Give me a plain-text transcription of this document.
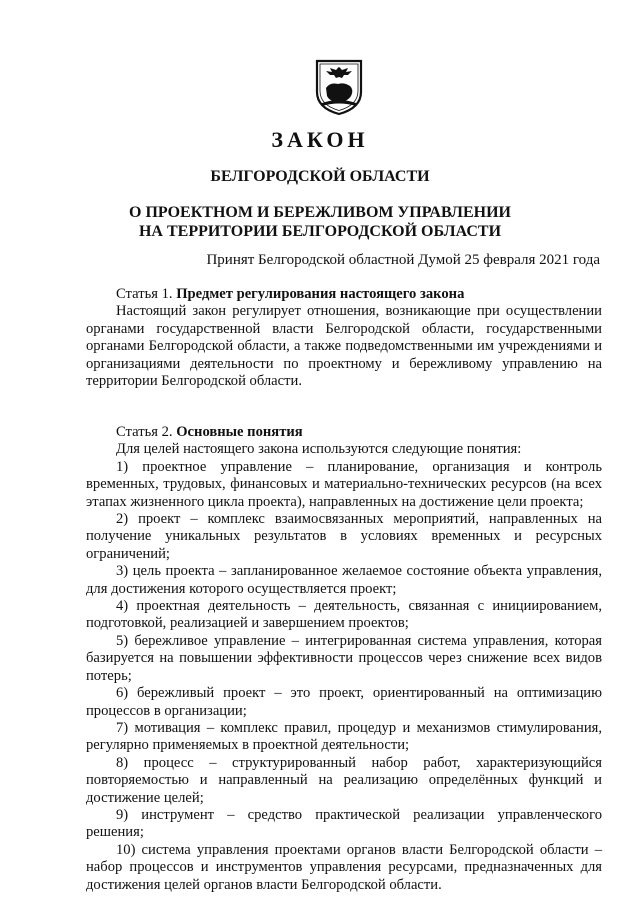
ЗАКОН
БЕЛГОРОДСКОЙ ОБЛАСТИ
О ПРОЕКТНОМ И БЕРЕЖЛИВОМ УПРАВЛЕНИИ
НА ТЕРРИТОРИИ БЕЛГОРОДСКОЙ ОБЛАСТИ
Принят Белгородской областной Думой 25 февраля 2021 года
Статья 1. Предмет регулирования настоящего закона

Настоящий закон регулирует отношения, возникающие при осуществлении органами государственной власти Белгородской области, государственными органами Белгородской области, а также подведомственными им учреждениями и организациями деятельности по проектному и бережливому управлению на территории Белгородской области.

Статья 2. Основные понятия

Для целей настоящего закона используются следующие понятия:

1) проектное управление – планирование, организация и контроль временных, трудовых, финансовых и материально-технических ресурсов (на всех этапах жизненного цикла проекта), направленных на достижение цели проекта;

2) проект – комплекс взаимосвязанных мероприятий, направленных на получение уникальных результатов в условиях временных и ресурсных ограничений;

3) цель проекта – запланированное желаемое состояние объекта управления, для достижения которого осуществляется проект;

4) проектная деятельность – деятельность, связанная с инициированием, подготовкой, реализацией и завершением проектов;

5) бережливое управление – интегрированная система управления, которая базируется на повышении эффективности процессов через снижение всех видов потерь;

6) бережливый проект – это проект, ориентированный на оптимизацию процессов в организации;

7) мотивация – комплекс правил, процедур и механизмов стимулирования, регулярно применяемых в проектной деятельности;

8) процесс – структурированный набор работ, характеризующийся повторяемостью и направленный на реализацию определённых функций и достижение целей;

9) инструмент – средство практической реализации управленческого решения;

10) система управления проектами органов власти Белгородской области – набор процессов и инструментов управления ресурсами, предназначенных для достижения целей органов власти Белгородской области.
